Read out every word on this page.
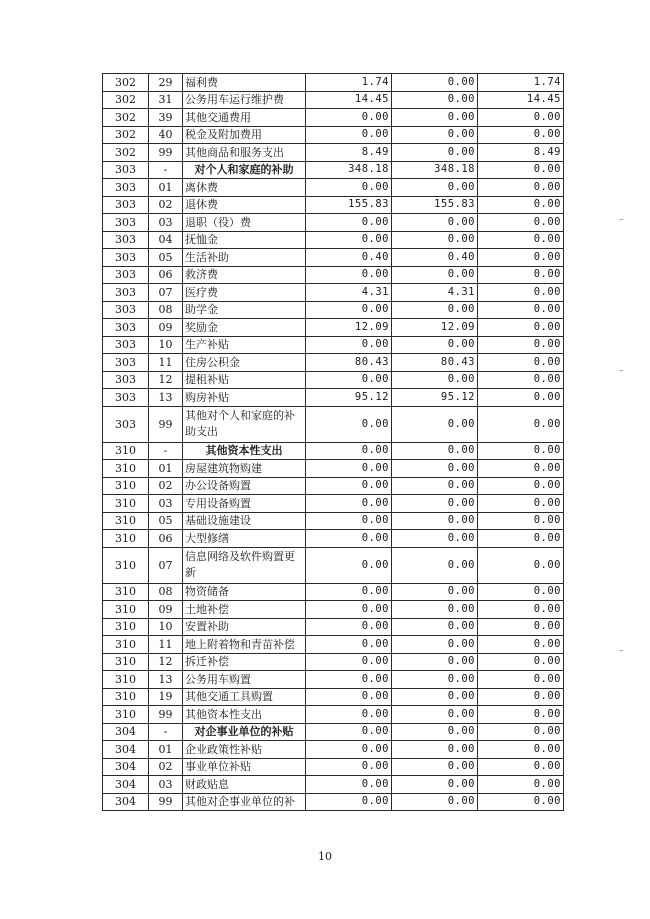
302	29	福利费	1.74	0.00	1.74
302	31	公务用车运行维护费	14.45	0.00	14.45
302	39	其他交通费用	0.00	0.00	0.00
302	40	税金及附加费用	0.00	0.00	0.00
302	99	其他商品和服务支出	8.49	0.00	8.49
303	-	对个人和家庭的补助	348.18	348.18	0.00
303	01	离休费	0.00	0.00	0.00
303	02	退休费	155.83	155.83	0.00
303	03	退职（役）费	0.00	0.00	0.00
303	04	抚恤金	0.00	0.00	0.00
303	05	生活补助	0.40	0.40	0.00
303	06	救济费	0.00	0.00	0.00
303	07	医疗费	4.31	4.31	0.00
303	08	助学金	0.00	0.00	0.00
303	09	奖励金	12.09	12.09	0.00
303	10	生产补贴	0.00	0.00	0.00
303	11	住房公积金	80.43	80.43	0.00
303	12	提租补贴	0.00	0.00	0.00
303	13	购房补贴	95.12	95.12	0.00
303	99	其他对个人和家庭的补助支出	0.00	0.00	0.00
310	-	其他资本性支出	0.00	0.00	0.00
310	01	房屋建筑物购建	0.00	0.00	0.00
310	02	办公设备购置	0.00	0.00	0.00
310	03	专用设备购置	0.00	0.00	0.00
310	05	基础设施建设	0.00	0.00	0.00
310	06	大型修缮	0.00	0.00	0.00
310	07	信息网络及软件购置更新	0.00	0.00	0.00
310	08	物资储备	0.00	0.00	0.00
310	09	土地补偿	0.00	0.00	0.00
310	10	安置补助	0.00	0.00	0.00
310	11	地上附着物和青苗补偿	0.00	0.00	0.00
310	12	拆迁补偿	0.00	0.00	0.00
310	13	公务用车购置	0.00	0.00	0.00
310	19	其他交通工具购置	0.00	0.00	0.00
310	99	其他资本性支出	0.00	0.00	0.00
304	-	对企事业单位的补贴	0.00	0.00	0.00
304	01	企业政策性补贴	0.00	0.00	0.00
304	02	事业单位补贴	0.00	0.00	0.00
304	03	财政贴息	0.00	0.00	0.00
304	99	其他对企事业单位的补	0.00	0.00	0.00
10
